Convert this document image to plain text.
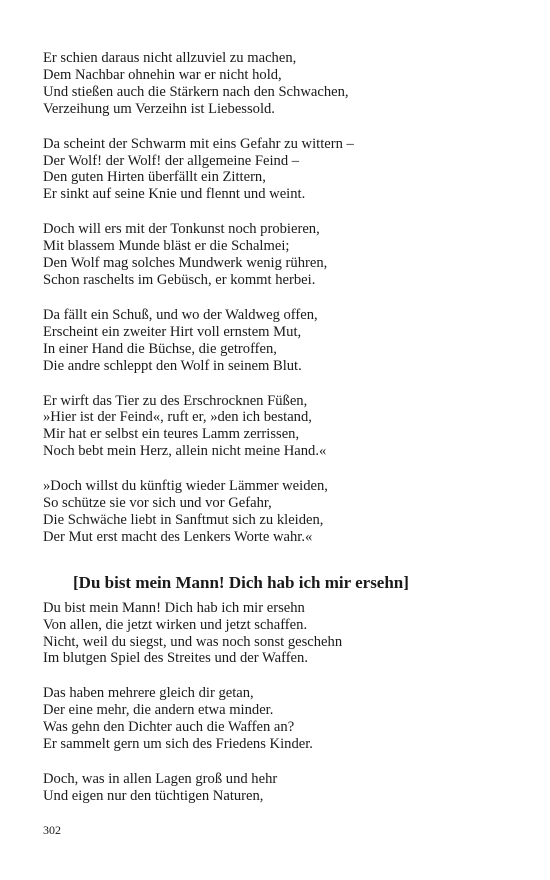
Er schien daraus nicht allzuviel zu machen,
Dem Nachbar ohnehin war er nicht hold,
Und stießen auch die Stärkern nach den Schwachen,
Verzeihung um Verzeihn ist Liebessold.
Da scheint der Schwarm mit eins Gefahr zu wittern –
Der Wolf! der Wolf! der allgemeine Feind –
Den guten Hirten überfällt ein Zittern,
Er sinkt auf seine Knie und flennt und weint.
Doch will ers mit der Tonkunst noch probieren,
Mit blassem Munde bläst er die Schalmei;
Den Wolf mag solches Mundwerk wenig rühren,
Schon raschelts im Gebüsch, er kommt herbei.
Da fällt ein Schuß, und wo der Waldweg offen,
Erscheint ein zweiter Hirt voll ernstem Mut,
In einer Hand die Büchse, die getroffen,
Die andre schleppt den Wolf in seinem Blut.
Er wirft das Tier zu des Erschrocknen Füßen,
»Hier ist der Feind«, ruft er, »den ich bestand,
Mir hat er selbst ein teures Lamm zerrissen,
Noch bebt mein Herz, allein nicht meine Hand.«
»Doch willst du künftig wieder Lämmer weiden,
So schütze sie vor sich und vor Gefahr,
Die Schwäche liebt in Sanftmut sich zu kleiden,
Der Mut erst macht des Lenkers Worte wahr.«
[Du bist mein Mann! Dich hab ich mir ersehn]
Du bist mein Mann! Dich hab ich mir ersehn
Von allen, die jetzt wirken und jetzt schaffen.
Nicht, weil du siegst, und was noch sonst geschehn
Im blutgen Spiel des Streites und der Waffen.
Das haben mehrere gleich dir getan,
Der eine mehr, die andern etwa minder.
Was gehn den Dichter auch die Waffen an?
Er sammelt gern um sich des Friedens Kinder.
Doch, was in allen Lagen groß und hehr
Und eigen nur den tüchtigen Naturen,
302
